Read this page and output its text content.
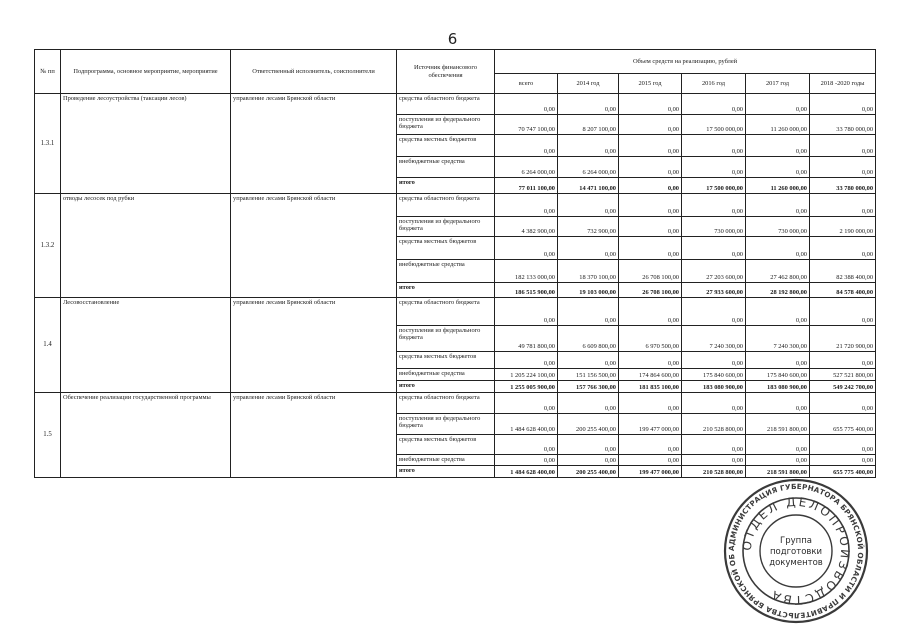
6
№ пп	Подпрограмма, основное мероприятие, мероприятие	Ответственный исполнитель, соисполнители	Источник финансового обеспечения	Объем средств на реализацию, рублей					
				всего	2014 год	2015 год	2016 год	2017 год	2018 -2020 годы
1.3.1	Проведение лесоустройства (таксации лесов)	управление лесами Брянской области	средства областного бюджета	0,00	0,00	0,00	0,00	0,00	0,00
			поступления из федерального бюджета	70 747 100,00	8 207 100,00	0,00	17 500 000,00	11 260 000,00	33 780 000,00
			средства местных бюджетов	0,00	0,00	0,00	0,00	0,00	0,00
			внебюджетные средства	6 264 000,00	6 264 000,00	0,00	0,00	0,00	0,00
			итого	77 011 100,00	14 471 100,00	0,00	17 500 000,00	11 260 000,00	33 780 000,00
1.3.2	отводы лесосек под рубки	управление лесами Брянской области	средства областного бюджета	0,00	0,00	0,00	0,00	0,00	0,00
			поступления из федерального бюджета	4 382 900,00	732 900,00	0,00	730 000,00	730 000,00	2 190 000,00
			средства местных бюджетов	0,00	0,00	0,00	0,00	0,00	0,00
			внебюджетные средства	182 133 000,00	18 370 100,00	26 708 100,00	27 203 600,00	27 462 800,00	82 388 400,00
			итого	186 515 900,00	19 103 000,00	26 708 100,00	27 933 600,00	28 192 800,00	84 578 400,00
1.4	Лесовосстановление	управление лесами Брянской области	средства областного бюджета	0,00	0,00	0,00	0,00	0,00	0,00
			поступления из федерального бюджета	49 781 800,00	6 609 800,00	6 970 500,00	7 240 300,00	7 240 300,00	21 720 900,00
			средства местных бюджетов	0,00	0,00	0,00	0,00	0,00	0,00
			внебюджетные средства	1 205 224 100,00	151 156 500,00	174 864 600,00	175 840 600,00	175 840 600,00	527 521 800,00
			итого	1 255 005 900,00	157 766 300,00	181 835 100,00	183 080 900,00	183 080 900,00	549 242 700,00
1.5	Обеспечение реализации государственной программы	управление лесами Брянской области	средства областного бюджета	0,00	0,00	0,00	0,00	0,00	0,00
			поступления из федерального бюджета	1 484 628 400,00	200 255 400,00	199 477 000,00	210 528 800,00	218 591 800,00	655 775 400,00
			средства местных бюджетов	0,00	0,00	0,00	0,00	0,00	0,00
			внебюджетные средства	0,00	0,00	0,00	0,00	0,00	0,00
			итого	1 484 628 400,00	200 255 400,00	199 477 000,00	210 528 800,00	218 591 800,00	655 775 400,00
АДМИНИСТРАЦИЯ ГУБЕРНАТОРА БРЯНСКОЙ ОБЛАСТИ И ПРАВИТЕЛЬСТВА БРЯНСКОЙ ОБ
ОТДЕЛ ДЕЛОПРОИЗВОДСТВА
Группа
подготовки
документов
